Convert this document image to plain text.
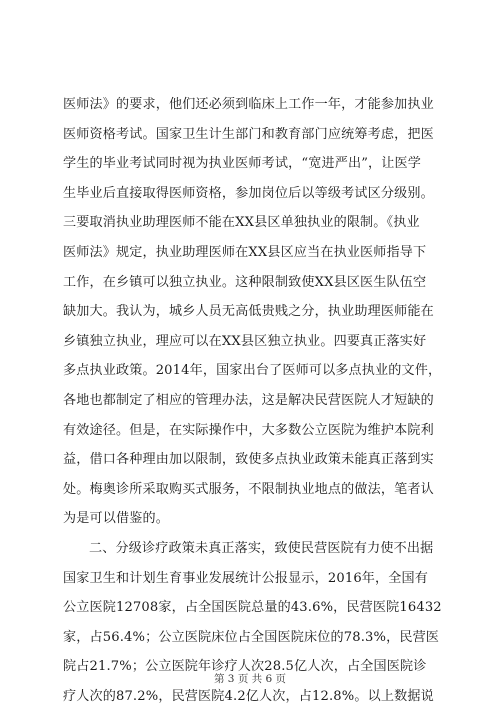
医师法》的要求，他们还必须到临床上工作一年，才能参加执业
医师资格考试。国家卫生计生部门和教育部门应统筹考虑，把医
学生的毕业考试同时视为执业医师考试，“宽进严出”，让医学
生毕业后直接取得医师资格，参加岗位后以等级考试区分级别。
三要取消执业助理医师不能在XX县区单独执业的限制。《执业
医师法》规定，执业助理医师在XX县区应当在执业医师指导下
工作，在乡镇可以独立执业。这种限制致使XX县区医生队伍空
缺加大。我认为，城乡人员无高低贵贱之分，执业助理医师能在
乡镇独立执业，理应可以在XX县区独立执业。四要真正落实好
多点执业政策。2014年，国家出台了医师可以多点执业的文件，
各地也都制定了相应的管理办法，这是解决民营医院人才短缺的
有效途径。但是，在实际操作中，大多数公立医院为维护本院利
益，借口各种理由加以限制，致使多点执业政策未能真正落到实
处。梅奥诊所采取购买式服务，不限制执业地点的做法，笔者认
为是可以借鉴的。
二、分级诊疗政策未真正落实，致使民营医院有力使不出据
国家卫生和计划生育事业发展统计公报显示，2016年，全国有
公立医院12708家，占全国医院总量的43.6%，民营医院16432
家，占56.4%；公立医院床位占全国医院床位的78.3%，民营医
院占21.7%；公立医院年诊疗人次28.5亿人次，占全国医院诊
疗人次的87.2%，民营医院4.2亿人次，占12.8%。以上数据说
第 3 页 共 6 页
